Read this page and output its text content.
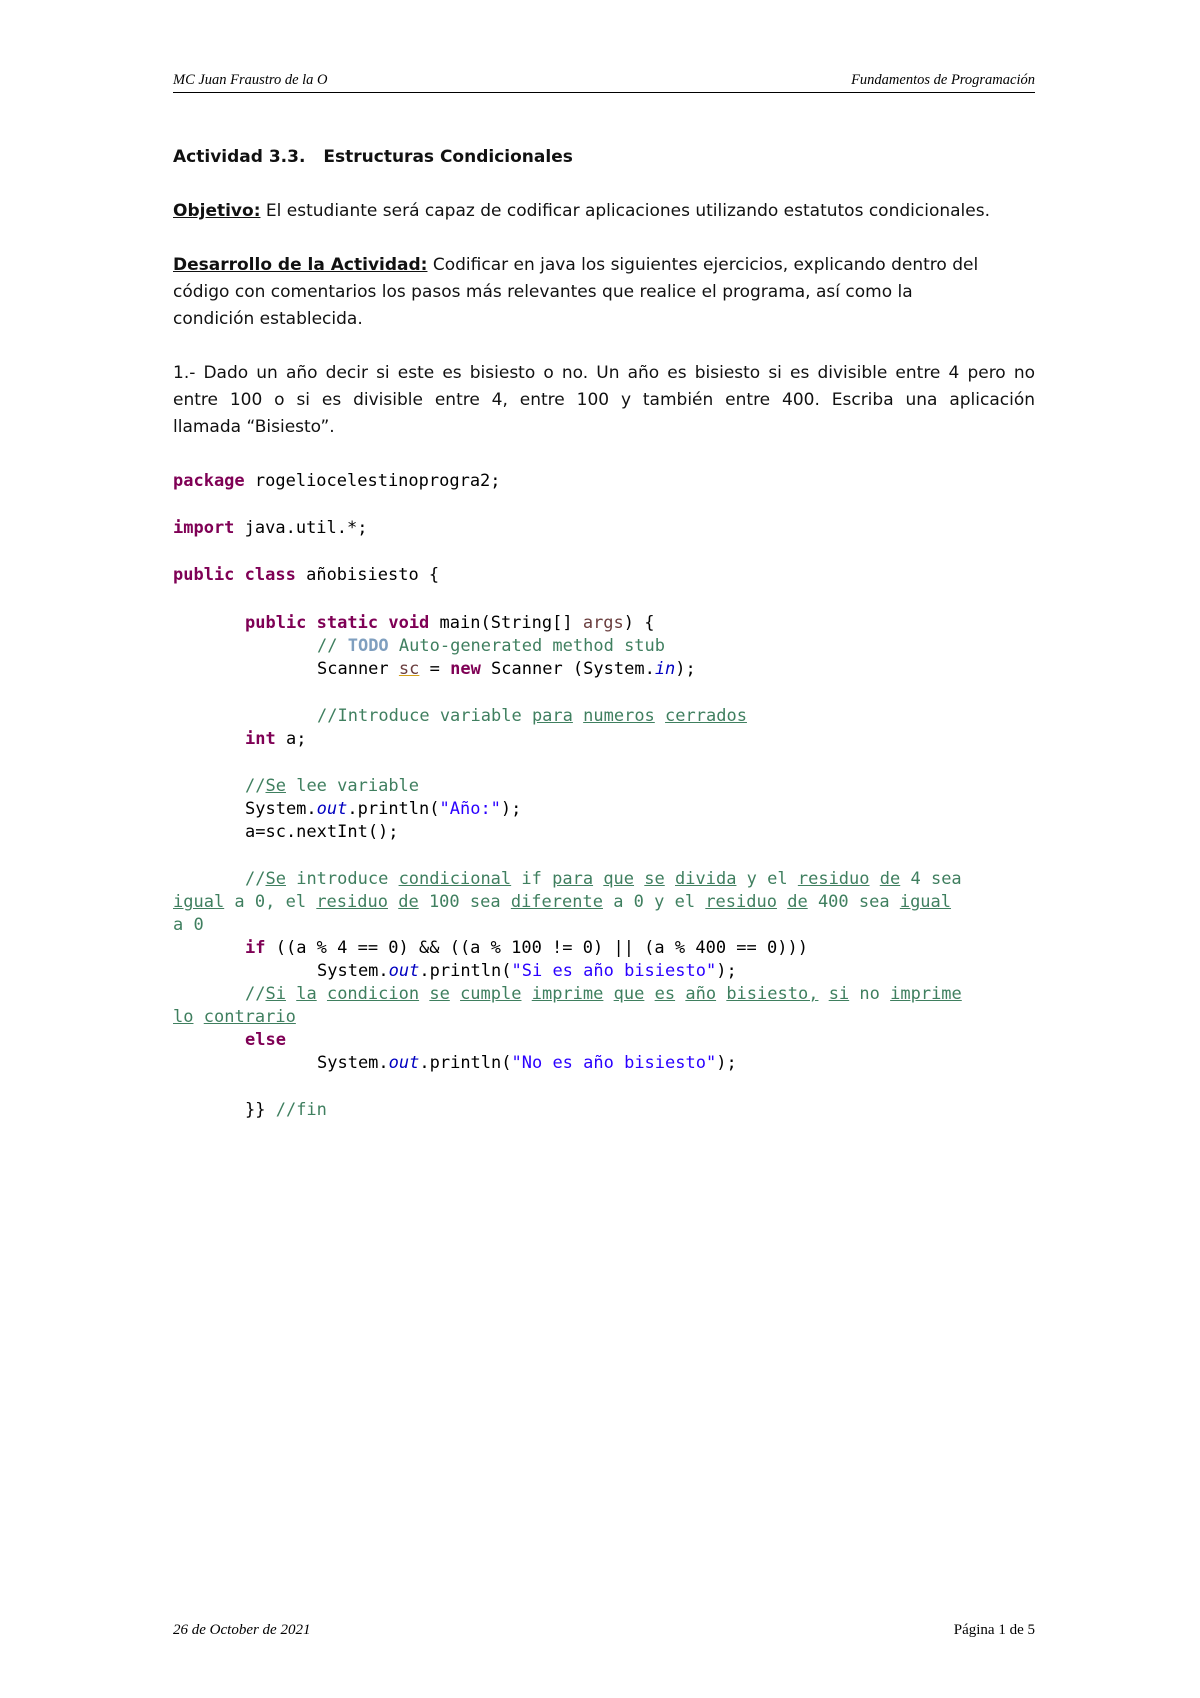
MC Juan Fraustro de la O	Fundamentos de Programación
Actividad 3.3. Estructuras Condicionales
Objetivo: El estudiante será capaz de codificar aplicaciones utilizando estatutos condicionales.
Desarrollo de la Actividad: Codificar en java los siguientes ejercicios, explicando dentro del
código con comentarios los pasos más relevantes que realice el programa, así como la
condición establecida.
1.- Dado un año decir si este es bisiesto o no. Un año es bisiesto si es divisible entre 4 pero no
entre 100 o si es divisible entre 4, entre 100 y también entre 400. Escriba una aplicación
llamada “Bisiesto”.
package rogeliocelestinoprogra2;
import java.util.*;
public class añobisiesto {
public static void main(String[] args) {
// TODO Auto-generated method stub
Scanner sc = new Scanner (System.in);
//Introduce variable para numeros cerrados
int a;
//Se lee variable
System.out.println("Año:");
a=sc.nextInt();
//Se introduce condicional if para que se divida y el residuo de 4 sea
igual a 0, el residuo de 100 sea diferente a 0 y el residuo de 400 sea igual
a 0
if ((a % 4 == 0) && ((a % 100 != 0) || (a % 400 == 0)))
System.out.println("Si es año bisiesto");
//Si la condicion se cumple imprime que es año bisiesto, si no imprime
lo contrario
else
System.out.println("No es año bisiesto");
}} //fin
26 de October de 2021	Página 1 de 5
